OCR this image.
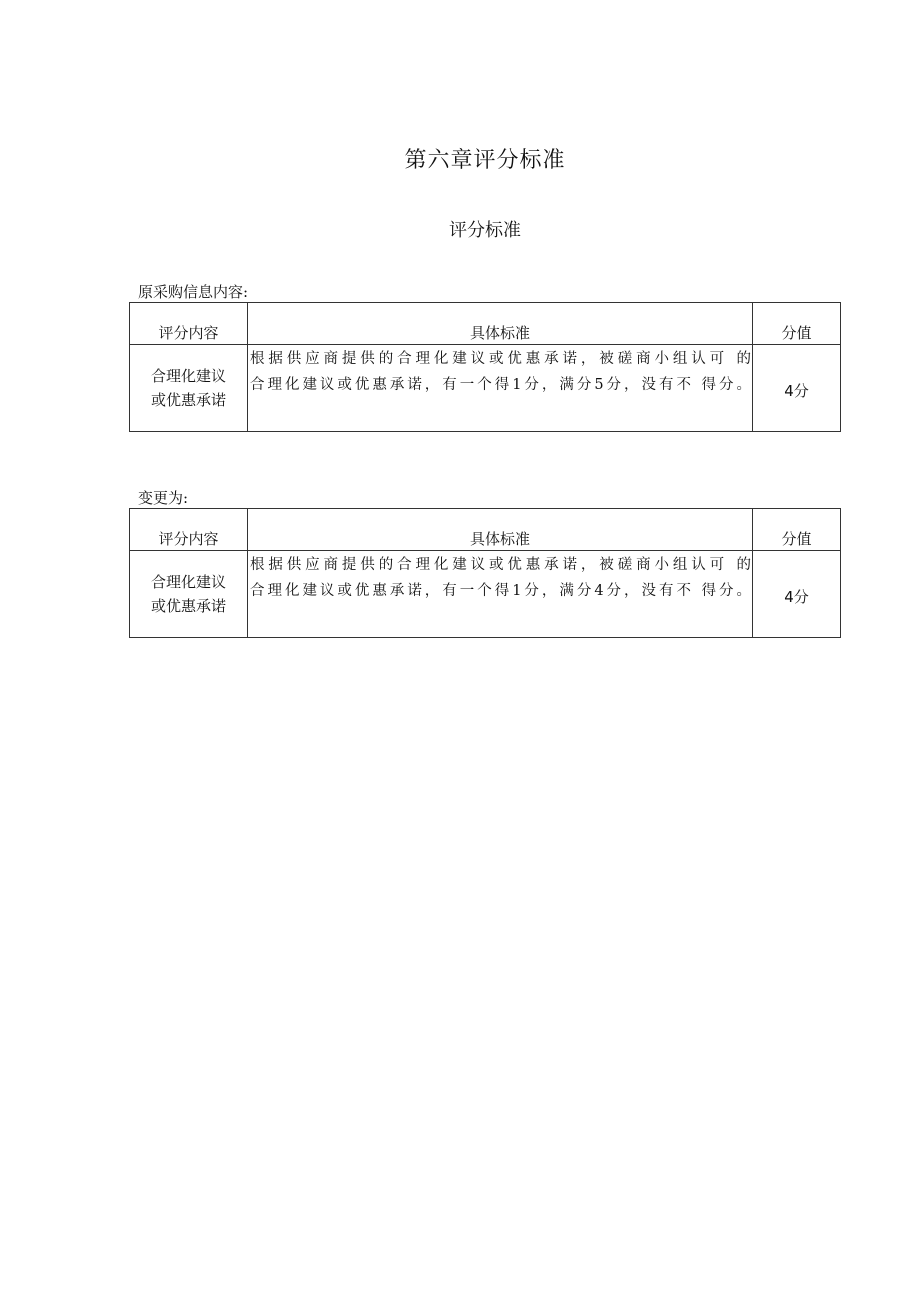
第六章评分标准
评分标准
原采购信息内容:
评分内容	具体标准	分值

合理化建议
或优惠承诺	根据供应商提供的合理化建议或优惠承诺，被磋商小组认可 的
合理化建议或优惠承诺，有一个得1分，满分5分，没有不 得分。	4分
变更为:
评分内容	具体标准	分值

合理化建议
或优惠承诺	根据供应商提供的合理化建议或优惠承诺，被磋商小组认可 的
合理化建议或优惠承诺，有一个得1分，满分4分，没有不 得分。	4分
